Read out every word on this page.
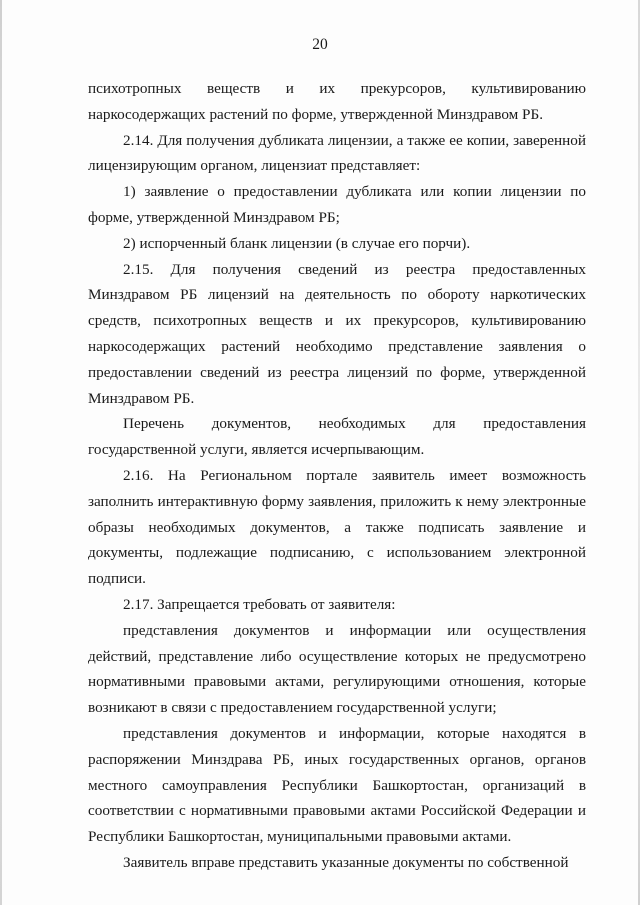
20

психотропных веществ и их прекурсоров, культивированию наркосодержащих растений по форме, утвержденной Минздравом РБ.

2.14. Для получения дубликата лицензии, а также ее копии, заверенной лицензирующим органом, лицензиат представляет:

1) заявление о предоставлении дубликата или копии лицензии по форме, утвержденной Минздравом РБ;

2) испорченный бланк лицензии (в случае его порчи).

2.15. Для получения сведений из реестра предоставленных Минздравом РБ лицензий на деятельность по обороту наркотических средств, психотропных веществ и их прекурсоров, культивированию наркосодержащих растений необходимо представление заявления о предоставлении сведений из реестра лицензий по форме, утвержденной Минздравом РБ.

Перечень документов, необходимых для предоставления государственной услуги, является исчерпывающим.

2.16. На Региональном портале заявитель имеет возможность заполнить интерактивную форму заявления, приложить к нему электронные образы необходимых документов, а также подписать заявление и документы, подлежащие подписанию, с использованием электронной подписи.

2.17. Запрещается требовать от заявителя:

представления документов и информации или осуществления действий, представление либо осуществление которых не предусмотрено нормативными правовыми актами, регулирующими отношения, которые возникают в связи с предоставлением государственной услуги;

представления документов и информации, которые находятся в распоряжении Минздрава РБ, иных государственных органов, органов местного самоуправления Республики Башкортостан, организаций в соответствии с нормативными правовыми актами Российской Федерации и Республики Башкортостан, муниципальными правовыми актами.

Заявитель вправе представить указанные документы по собственной
